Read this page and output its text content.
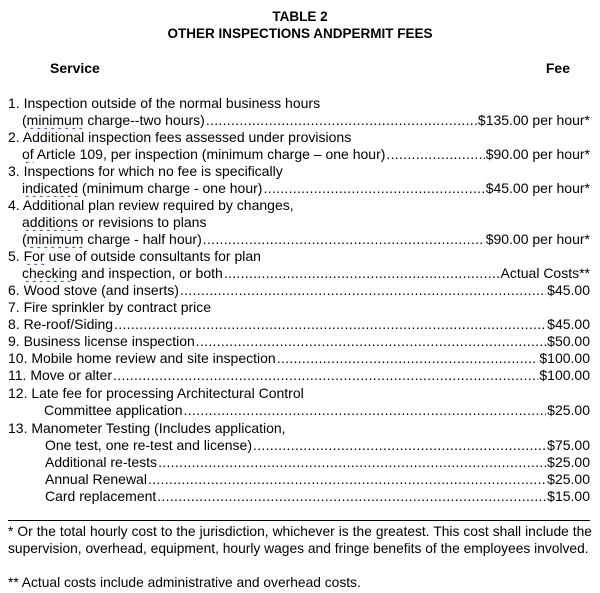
TABLE 2
OTHER INSPECTIONS ANDPERMIT FEES
Service	Fee
1. Inspection outside of the normal business hours
(minimum charge--two hours) .....	$135.00 per hour*
2. Additional inspection fees assessed under provisions
of Article 109, per inspection (minimum charge – one hour) .....	$90.00 per hour*
3. Inspections for which no fee is specifically
indicated (minimum charge - one hour) .....	$45.00 per hour*
4. Additional plan review required by changes,
additions or revisions to plans
(minimum charge - half hour) .....	$90.00 per hour*
5. For use of outside consultants for plan
checking and inspection, or both .....	Actual Costs**
6. Wood stove (and inserts) .....	$45.00
7. Fire sprinkler by contract price
8. Re-roof/Siding .....	$45.00
9. Business license inspection .....	$50.00
10. Mobile home review and site inspection .....	$100.00
11. Move or alter .....	$100.00
12. Late fee for processing Architectural Control
Committee application .....	$25.00
13. Manometer Testing (Includes application,
One test, one re-test and license) .....	$75.00
Additional re-tests .....	$25.00
Annual Renewal .....	$25.00
Card replacement .....	$15.00
* Or the total hourly cost to the jurisdiction, whichever is the greatest. This cost shall include the supervision, overhead, equipment, hourly wages and fringe benefits of the employees involved.
** Actual costs include administrative and overhead costs.
